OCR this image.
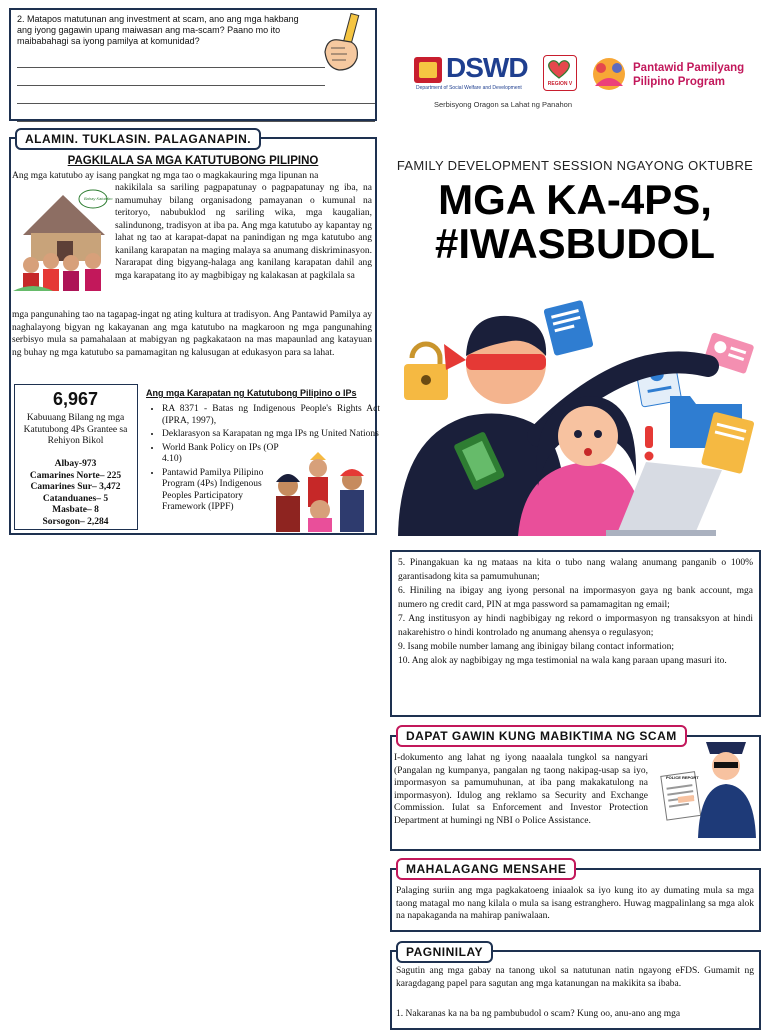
2. Matapos matutunan ang investment at scam, ano ang mga hakbang ang iyong gagawin upang maiwasan ang ma-scam? Paano mo ito maibabahagi sa iyong pamilya at komunidad?

DSWD
Department of Social Welfare and Development
REGION V
Pantawid Pamilyang
Pilipino Program
Serbisyong Oragon sa Lahat ng Panahon
FAMILY DEVELOPMENT SESSION NGAYONG OKTUBRE
MGA KA-4PS,
#IWASBUDOL
ALAMIN. TUKLASIN. PALAGANAPIN.
PAGKILALA SA MGA KATUTUBONG PILIPINO

Ang mga katutubo ay isang pangkat ng mga tao o magkakauring mga lipunan na

Bahay Katutubo

nakikilala sa sariling pagpapatunay o pagpapatunay ng iba, na namumuhay bilang organisadong pamayanan o kumunal na teritoryo, nabubuklod ng sariling wika, mga kaugalian, salindunong, tradisyon at iba pa. Ang mga katutubo ay kapantay ng lahat ng tao at karapat-dapat na panindigan ng mga katutubo ang kanilang karapatan na maging malaya sa anumang diskriminasyon. Nararapat ding bigyang-halaga ang kanilang karapatan dahil ang mga karapatang ito ay magbibigay ng kalakasan at pagkilala sa

mga pangunahing tao na tagapag-ingat ng ating kultura at tradisyon. Ang Pantawid Pamilya ay naghalayong bigyan ng kakayanan ang mga katutubo na magkaroon ng mga pangunahing serbisyo mula sa pamahalaan at mabigyan ng pagkakataon na mas mapaunlad ang katayuan ng buhay ng mga katutubo sa pamamagitan ng kalusugan at edukasyon para sa lahat.

6,967
Kabuuang Bilang ng mga Katutubong 4Ps Grantee sa Rehiyon Bikol
Albay-973
Camarines Norte– 225
Camarines Sur– 3,472
Catanduanes– 5
Masbate– 8
Sorsogon– 2,284
Ang mga Karapatan ng Katutubong Pilipino o IPs
• RA 8371 - Batas ng Indigenous People's Rights Act (IPRA, 1997),
• Deklarasyon sa Karapatan ng mga IPs ng United Nations
• World Bank Policy on IPs (OP 4.10)
• Pantawid Pamilya Pilipino Program (4Ps) Indigenous Peoples Participatory Framework (IPPF)
6
5. Pinangakuan ka ng mataas na kita o tubo nang walang anumang panganib o 100% garantisadong kita sa pamumuhunan;
6. Hiniling na ibigay ang iyong personal na impormasyon gaya ng bank account, mga numero ng credit card, PIN at mga password sa pamamagitan ng email;
7. Ang institusyon ay hindi nagbibigay ng rekord o impormasyon ng transaksyon at hindi nakarehistro o hindi kontrolado ng anumang ahensya o regulasyon;
9. Isang mobile number lamang ang ibinigay bilang contact information;
10. Ang alok ay nagbibigay ng mga testimonial na wala kang paraan upang masuri ito.
DAPAT GAWIN KUNG MABIKTIMA NG SCAM

I-dokumento ang lahat ng iyong naaalala tungkol sa nangyari (Pangalan ng kumpanya, pangalan ng taong nakipag-usap sa iyo, impormasyon sa pamumuhunan, at iba pang makakatulong na impormasyon). Idulog ang reklamo sa Security and Exchange Commission. Iulat sa Enforcement and Investor Protection Department at humingi ng NBI o Police Assistance.

POLICE REPORT
MAHALAGANG MENSAHE

Palaging suriin ang mga pagkakatoeng iniaalok sa iyo kung ito ay dumating mula sa mga taong matagal mo nang kilala o mula sa isang estranghero. Huwag magpalinlang sa mga alok na napakaganda na mahirap paniwalaan.

PAGNINILAY

Sagutin ang mga gabay na tanong ukol sa natutunan natin ngayong eFDS. Gumamit ng karagdagang papel para sagutan ang mga katanungan na makikita sa ibaba.

1. Nakaranas ka na ba ng pambubudol o scam? Kung oo, anu-ano ang mga
